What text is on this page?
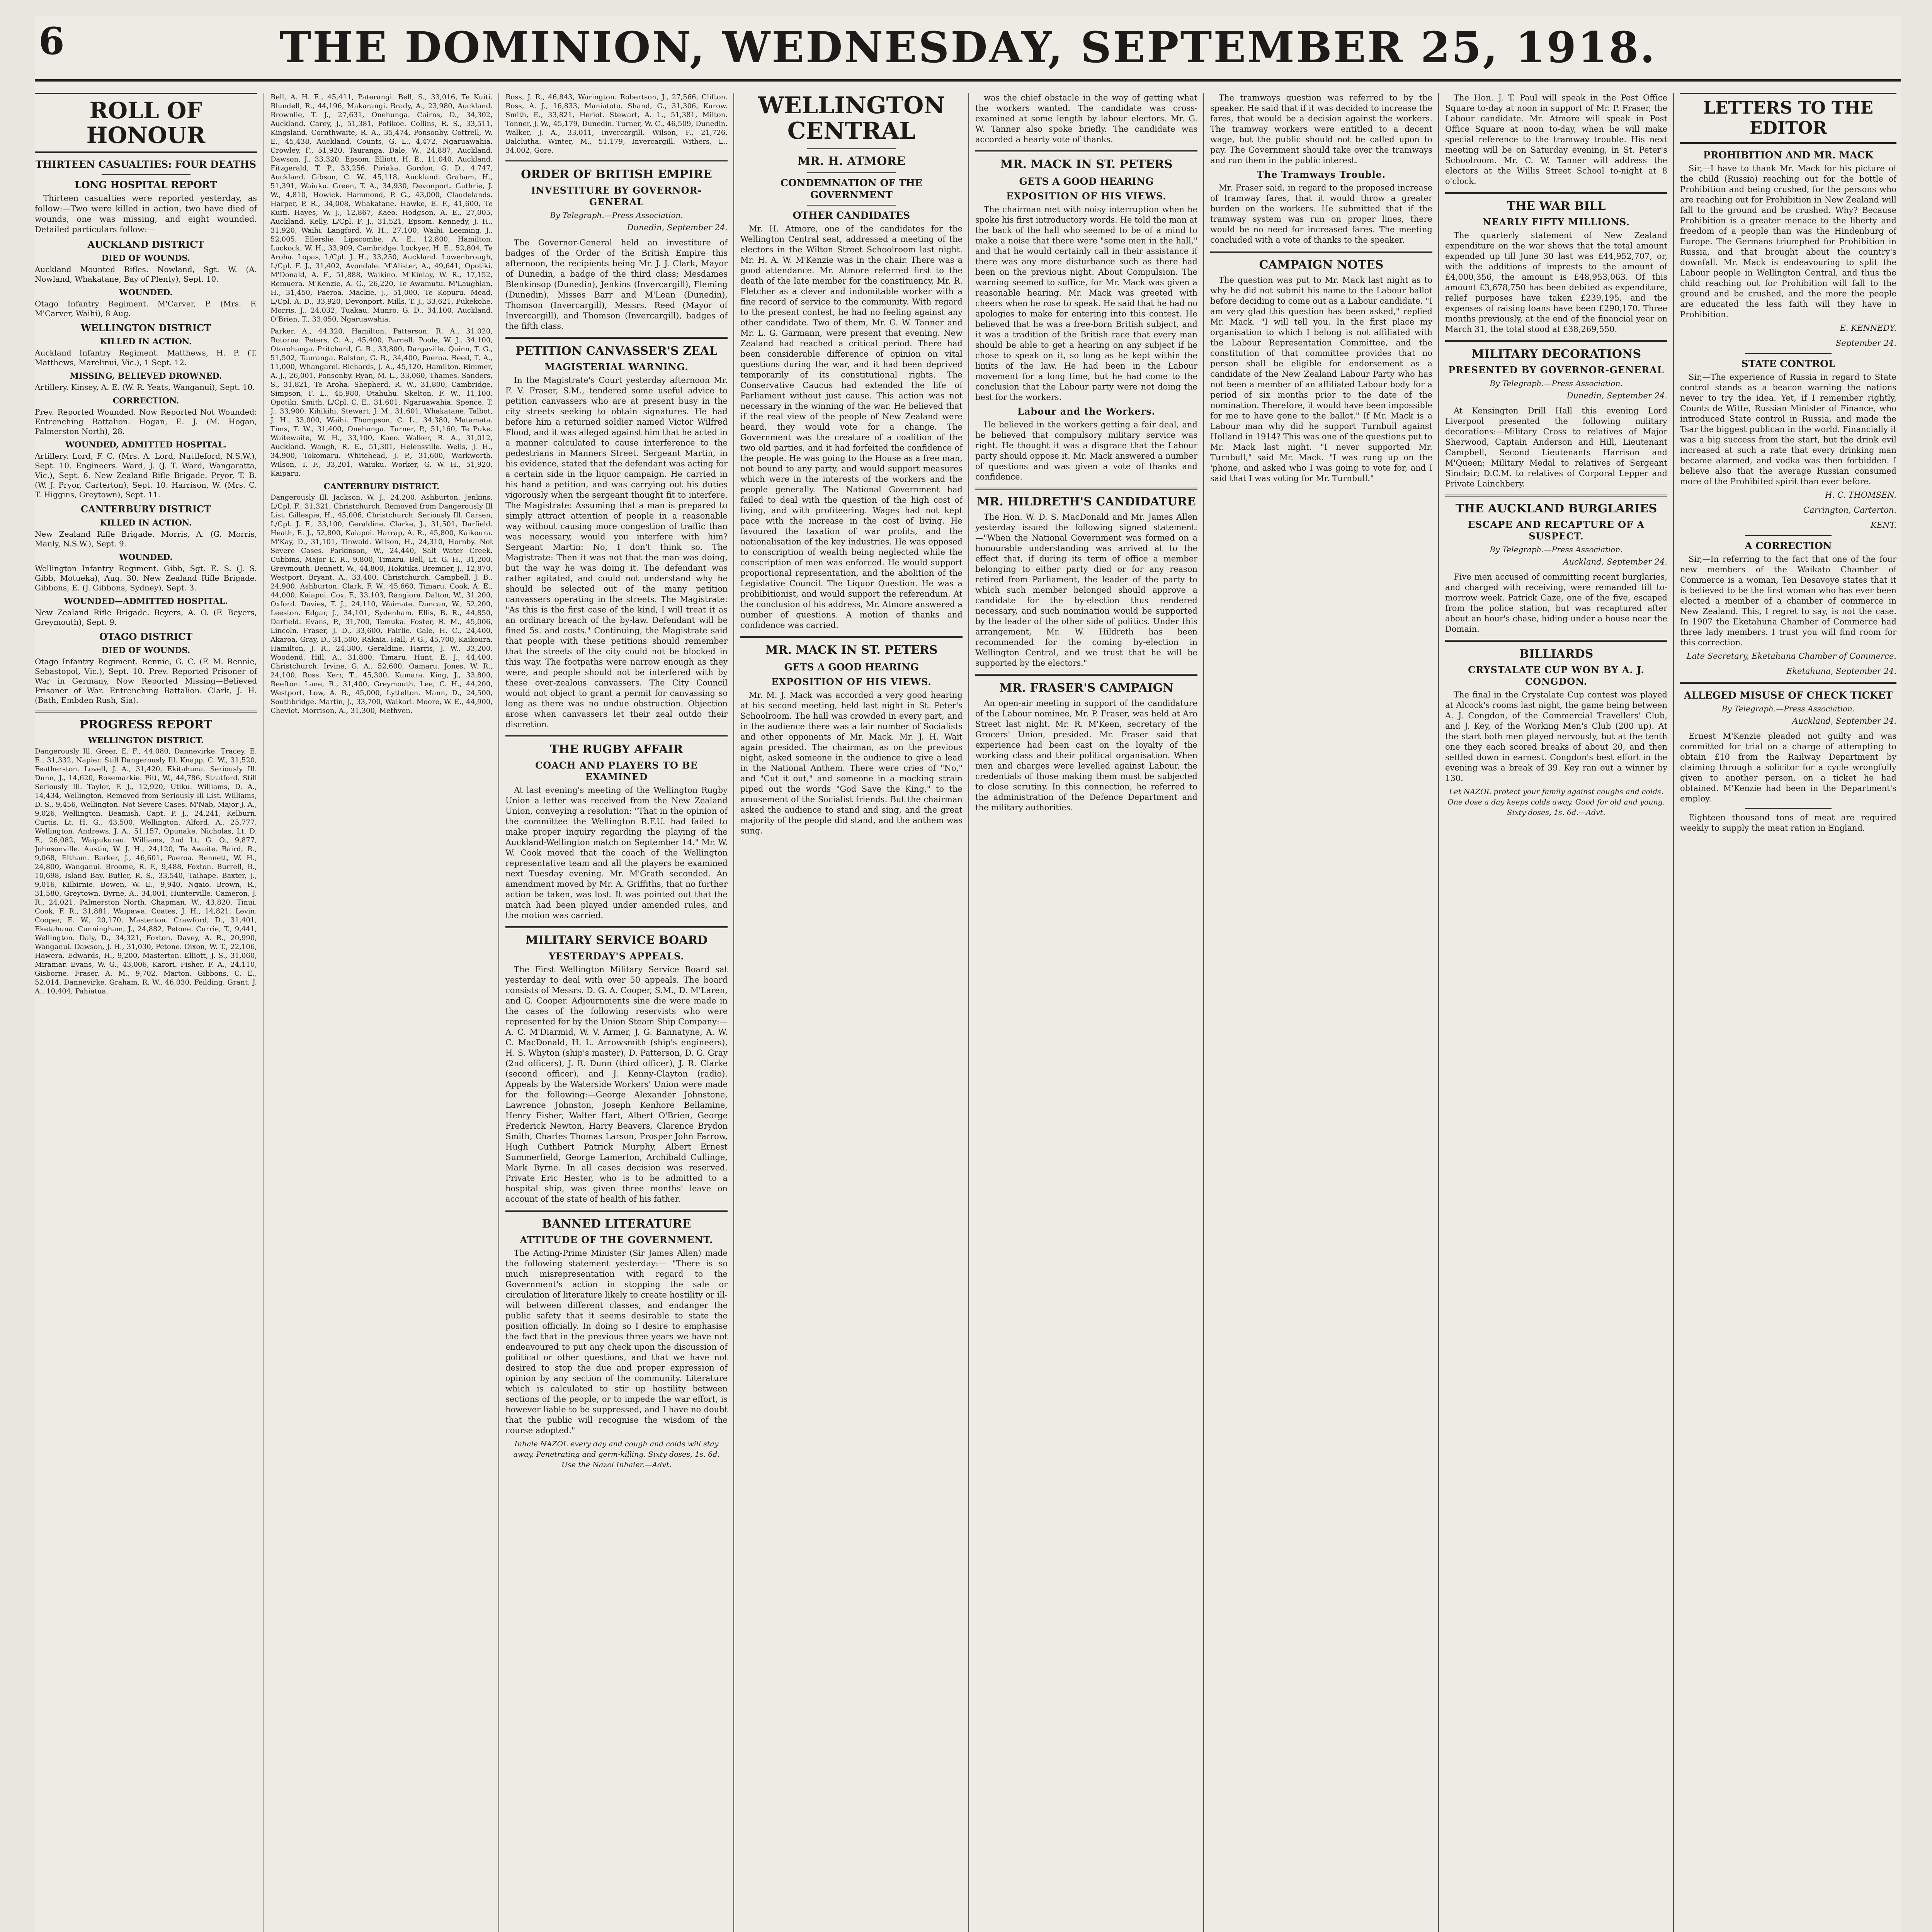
6	THE DOMINION, WEDNESDAY, SEPTEMBER 25, 1918.
ROLL OF HONOUR
THIRTEEN CASUALTIES: FOUR DEATHS
LONG HOSPITAL REPORT

Thirteen casualties were reported yesterday, as follow:—Two were killed in action, two have died of wounds, one was missing, and eight wounded. Detailed particulars follow:—

AUCKLAND DISTRICT
DIED OF WOUNDS.

Auckland Mounted Rifles. Nowland, Sgt. W. (A. Nowland, Whakatane, Bay of Plenty), Sept. 10.

WOUNDED.

Otago Infantry Regiment. M'Carver, P. (Mrs. F. M'Carver, Waihi), 8 Aug.

WELLINGTON DISTRICT
KILLED IN ACTION.

Auckland Infantry Regiment. Matthews, H. P. (T. Matthews, Marelinui, Vic.), 1 Sept. 12.

MISSING, BELIEVED DROWNED.

Artillery. Kinsey, A. E. (W. R. Yeats, Wanganui), Sept. 10.

CORRECTION.

Prev. Reported Wounded. Now Reported Not Wounded: Entrenching Battalion. Hogan, E. J. (M. Hogan, Palmerston North), 28.

WOUNDED, ADMITTED HOSPITAL.

Artillery. Lord, F. C. (Mrs. A. Lord, Nuttleford, N.S.W.), Sept. 10. Engineers. Ward, J. (J. T. Ward, Wangaratta, Vic.), Sept. 6. New Zealand Rifle Brigade. Pryor, T. B. (W. J. Pryor, Carterton), Sept. 10. Harrison, W. (Mrs. C. T. Higgins, Greytown), Sept. 11.

CANTERBURY DISTRICT
KILLED IN ACTION.

New Zealand Rifle Brigade. Morris, A. (G. Morris, Manly, N.S.W.), Sept. 9.

WOUNDED.

Wellington Infantry Regiment. Gibb, Sgt. E. S. (J. S. Gibb, Motueka), Aug. 30. New Zealand Rifle Brigade. Gibbons, E. (J. Gibbons, Sydney), Sept. 3.

WOUNDED—ADMITTED HOSPITAL.

New Zealand Rifle Brigade. Beyers, A. O. (F. Beyers, Greymouth), Sept. 9.

OTAGO DISTRICT
DIED OF WOUNDS.

Otago Infantry Regiment. Rennie, G. C. (F. M. Rennie, Sebastopol, Vic.), Sept. 10. Prev. Reported Prisoner of War in Germany, Now Reported Missing—Believed Prisoner of War. Entrenching Battalion. Clark, J. H. (Bath, Embden Rush, Sia).

PROGRESS REPORT
WELLINGTON DISTRICT.

Dangerously Ill. Greer, E. F., 44,080, Dannevirke. Tracey, E. E., 31,332, Napier. Still Dangerously Ill. Knapp, C. W., 31,520, Featherston. Lovell, J. A., 31,420, Ekitahuna. Seriously Ill. Dunn, J., 14,620, Rosemarkie. Pitt, W., 44,786, Stratford. Still Seriously Ill. Taylor, F. J., 12,920, Utiku. Williams, D. A., 14,434, Wellington. Removed from Seriously Ill List. Williams, D. S., 9,456, Wellington. Not Severe Cases. M'Nab, Major J. A., 9,026, Wellington. Beamish, Capt. P. J., 24,241, Kelburn. Curtis, Lt. H. G., 43,500, Wellington. Alford, A., 25,777, Wellington. Andrews, J. A., 51,157, Opunake. Nicholas, Lt. D. F., 26,082, Waipukurau. Williams, 2nd Lt. G. O., 9,877, Johnsonville. Austin, W. J. H., 24,120, Te Awaite. Baird, R., 9,068, Eltham. Barker, J., 46,601, Paeroa. Bennett, W. H., 24,800, Wanganui. Broome, R. F., 9,488, Foxton. Burrell, B., 10,698, Island Bay. Butler, R. S., 33,540, Taihape. Baxter, J., 9,016, Kilbirnie. Bowen, W. E., 9,940, Ngaio. Brown, R., 31,580, Greytown. Byrne, A., 34,001, Hunterville. Cameron, J. R., 24,021, Palmerston North. Chapman, W., 43,820, Tinui. Cook, F. R., 31,881, Waipawa. Coates, J. H., 14,821, Levin. Cooper, E. W., 20,170, Masterton. Crawford, D., 31,401, Eketahuna. Cunningham, J., 24,882, Petone. Currie, T., 9,441, Wellington. Daly, D., 34,321, Foxton. Davey, A. R., 20,990, Wanganui. Dawson, J. H., 31,030, Petone. Dixon, W. T., 22,106, Hawera. Edwards, H., 9,200, Masterton. Elliott, J. S., 31,060, Miramar. Evans, W. G., 43,006, Karori. Fisher, F. A., 24,110, Gisborne. Fraser, A. M., 9,702, Marton. Gibbons, C. E., 52,014, Dannevirke. Graham, R. W., 46,030, Feilding. Grant, J. A., 10,404, Pahiatua.

Bell, A. H. E., 45,411, Paterangi. Bell, S., 33,016, Te Kuiti. Blundell, R., 44,196, Makarangi. Brady, A., 23,980, Auckland. Brownlie, T. J., 27,631, Onehunga. Cairns, D., 34,302, Auckland. Carey, J., 51,381, Potikoe. Collins, R. S., 33,511, Kingsland. Cornthwaite, R. A., 35,474, Ponsonby. Cottrell, W. E., 45,438, Auckland. Counts, G. L., 4,472, Ngaruawahia. Crowley, F., 51,920, Tauranga. Dale, W., 24,887, Auckland. Dawson, J., 33,320, Epsom. Elliott, H. E., 11,040, Auckland. Fitzgerald, T. P., 33,256, Piriaka. Gordon, G. D., 4,747, Auckland. Gibson, C. W., 45,118, Auckland. Graham, H., 51,391, Waiuku. Green, T. A., 34,930, Devonport. Guthrie, J. W., 4,810, Howick. Hammond, P. G., 43,000, Claudelands. Harper, P. R., 34,008, Whakatane. Hawke, E. F., 41,600, Te Kuiti. Hayes, W. J., 12,867, Kaeo. Hodgson, A. E., 27,005, Auckland. Kelly, L/Cpl. F. J., 31,521, Epsom. Kennedy, J. H., 31,920, Waihi. Langford, W. H., 27,100, Waihi. Leeming, J., 52,005, Ellerslie. Lipscombe, A. E., 12,800, Hamilton. Luckock, W. H., 33,909, Cambridge. Lockyer, H. E., 52,804, Te Aroha. Lopas, L/Cpl. J. H., 33,250, Auckland. Lowenbrough, L/Cpl. F. J., 31,402, Avondale. M'Alister, A., 49,641, Opotiki. M'Donald, A. F., 51,888, Waikino. M'Kinlay, W. R., 17,152, Remuera. M'Kenzie, A. G., 26,220, Te Awamutu. M'Laughlan, H., 31,450, Paeroa. Mackie, J., 51,000, Te Kopuru. Mead, L/Cpl. A. D., 33,920, Devonport. Mills, T. J., 33,621, Pukekohe. Morris, J., 24,032, Tuakau. Munro, G. D., 34,100, Auckland. O'Brien, T., 33,050, Ngaruawahia.

Parker, A., 44,320, Hamilton. Patterson, R. A., 31,020, Rotorua. Peters, C. A., 45,400, Parnell. Poole, W. J., 34,100, Otorohanga. Pritchard, G. R., 33,800, Dargaville. Quinn, T. G., 51,502, Tauranga. Ralston, G. B., 34,400, Paeroa. Reed, T. A., 11,000, Whangarei. Richards, J. A., 45,120, Hamilton. Rimmer, A. J., 26,001, Ponsonby. Ryan, M. L., 33,060, Thames. Sanders, S., 31,821, Te Aroha. Shepherd, R. W., 31,800, Cambridge. Simpson, F. L., 45,980, Otahuhu. Skelton, F. W., 11,100, Opotiki. Smith, L/Cpl. C. E., 31,601, Ngaruawahia. Spence, T. J., 33,900, Kihikihi. Stewart, J. M., 31,601, Whakatane. Talbot, J. H., 33,000, Waihi. Thompson, C. L., 34,380, Matamata. Tims, T. W., 31,400, Onehunga. Turner, P., 51,160, Te Puke. Waitewaite, W. H., 33,100, Kaeo. Walker, R. A., 31,012, Auckland. Waugh, R. E., 51,301, Helensville. Wells, J. H., 34,900, Tokomaru. Whitehead, J. P., 31,600, Warkworth. Wilson, T. F., 33,201, Waiuku. Worker, G. W. H., 51,920, Kaiparu.

CANTERBURY DISTRICT.

Dangerously Ill. Jackson, W. J., 24,200, Ashburton. Jenkins, L/Cpl. F., 31,321, Christchurch. Removed from Dangerously Ill List. Gillespie, H., 45,006, Christchurch. Seriously Ill. Carsen, L/Cpl. J. F., 33,100, Geraldine. Clarke, J., 31,501, Darfield. Heath, E. J., 52,800, Kaiapoi. Harrap, A. R., 45,800, Kaikoura. M'Kay, D., 31,101, Tinwald. Wilson, H., 24,310, Hornby. Not Severe Cases. Parkinson, W., 24,440, Salt Water Creek. Cubbins, Major E. R., 9,800, Timaru. Bell, Lt. G. H., 31,200, Greymouth. Bennett, W., 44,800, Hokitika. Bremner, J., 12,870, Westport. Bryant, A., 33,400, Christchurch. Campbell, J. B., 24,900, Ashburton. Clark, F. W., 45,660, Timaru. Cook, A. E., 44,000, Kaiapoi. Cox, F., 33,103, Rangiora. Dalton, W., 31,200, Oxford. Davies, T. J., 24,110, Waimate. Duncan, W., 52,200, Leeston. Edgar, J., 34,101, Sydenham. Ellis, B. R., 44,850, Darfield. Evans, P., 31,700, Temuka. Foster, R. M., 45,006, Lincoln. Fraser, J. D., 33,600, Fairlie. Gale, H. C., 24,400, Akaroa. Gray, D., 31,500, Rakaia. Hall, P. G., 45,700, Kaikoura. Hamilton, J. R., 24,300, Geraldine. Harris, J. W., 33,200, Woodend. Hill, A., 31,800, Timaru. Hunt, E. J., 44,400, Christchurch. Irvine, G. A., 52,600, Oamaru. Jones, W. R., 24,100, Ross. Kerr, T., 45,300, Kumara. King, J., 33,800, Reefton. Lane, R., 31,400, Greymouth. Lee, C. H., 44,200, Westport. Low, A. B., 45,000, Lyttelton. Mann, D., 24,500, Southbridge. Martin, J., 33,700, Waikari. Moore, W. E., 44,900, Cheviot. Morrison, A., 31,300, Methven.

Ross, J. R., 46,843, Warington. Robertson, J., 27,566, Clifton. Ross, A. J., 16,833, Maniatoto. Shand, G., 31,306, Kurow. Smith, E., 33,821, Heriot. Stewart, A. L., 51,381, Milton. Tonner, J. W., 45,179, Dunedin. Turner, W. C., 46,509, Dunedin. Walker, J. A., 33,011, Invercargill. Wilson, F., 21,726, Balclutha. Winter, M., 51,179, Invercargill. Withers, L., 34,002, Gore.

ORDER OF BRITISH EMPIRE
INVESTITURE BY GOVERNOR-GENERAL
By Telegraph.—Press Association.
Dunedin, September 24.

The Governor-General held an investiture of badges of the Order of the British Empire this afternoon, the recipients being Mr. J. J. Clark, Mayor of Dunedin, a badge of the third class; Mesdames Blenkinsop (Dunedin), Jenkins (Invercargill), Fleming (Dunedin), Misses Barr and M'Lean (Dunedin), Thomson (Invercargill), Messrs. Reed (Mayor of Invercargill), and Thomson (Invercargill), badges of the fifth class.

PETITION CANVASSER'S ZEAL
MAGISTERIAL WARNING.

In the Magistrate's Court yesterday afternoon Mr. F. V. Fraser, S.M., tendered some useful advice to petition canvassers who are at present busy in the city streets seeking to obtain signatures. He had before him a returned soldier named Victor Wilfred Flood, and it was alleged against him that he acted in a manner calculated to cause interference to the pedestrians in Manners Street. Sergeant Martin, in his evidence, stated that the defendant was acting for a certain side in the liquor campaign. He carried in his hand a petition, and was carrying out his duties vigorously when the sergeant thought fit to interfere. The Magistrate: Assuming that a man is prepared to simply attract attention of people in a reasonable way without causing more congestion of traffic than was necessary, would you interfere with him? Sergeant Martin: No, I don't think so. The Magistrate: Then it was not that the man was doing, but the way he was doing it. The defendant was rather agitated, and could not understand why he should be selected out of the many petition canvassers operating in the streets. The Magistrate: "As this is the first case of the kind, I will treat it as an ordinary breach of the by-law. Defendant will be fined 5s. and costs." Continuing, the Magistrate said that people with these petitions should remember that the streets of the city could not be blocked in this way. The footpaths were narrow enough as they were, and people should not be interfered with by these over-zealous canvassers. The City Council would not object to grant a permit for canvassing so long as there was no undue obstruction. Objection arose when canvassers let their zeal outdo their discretion.

THE RUGBY AFFAIR
COACH AND PLAYERS TO BE EXAMINED

At last evening's meeting of the Wellington Rugby Union a letter was received from the New Zealand Union, conveying a resolution: "That in the opinion of the committee the Wellington R.F.U. had failed to make proper inquiry regarding the playing of the Auckland-Wellington match on September 14." Mr. W. W. Cook moved that the coach of the Wellington representative team and all the players be examined next Tuesday evening. Mr. M'Grath seconded. An amendment moved by Mr. A. Griffiths, that no further action be taken, was lost. It was pointed out that the match had been played under amended rules, and the motion was carried.

MILITARY SERVICE BOARD
YESTERDAY'S APPEALS.

The First Wellington Military Service Board sat yesterday to deal with over 50 appeals. The board consists of Messrs. D. G. A. Cooper, S.M., D. M'Laren, and G. Cooper. Adjournments sine die were made in the cases of the following reservists who were represented for by the Union Steam Ship Company:—A. C. M'Diarmid, W. V. Armer, J. G. Bannatyne, A. W. C. MacDonald, H. L. Arrowsmith (ship's engineers), H. S. Whyton (ship's master), D. Patterson, D. G. Gray (2nd officers), J. R. Dunn (third officer), J. R. Clarke (second officer), and J. Kenny-Clayton (radio). Appeals by the Waterside Workers' Union were made for the following:—George Alexander Johnstone, Lawrence Johnston, Joseph Kenhore Bellamine, Henry Fisher, Walter Hart, Albert O'Brien, George Frederick Newton, Harry Beavers, Clarence Brydon Smith, Charles Thomas Larson, Prosper John Farrow, Hugh Cuthbert Patrick Murphy, Albert Ernest Summerfield, George Lamerton, Archibald Cullinge, Mark Byrne. In all cases decision was reserved. Private Eric Hester, who is to be admitted to a hospital ship, was given three months' leave on account of the state of health of his father.

BANNED LITERATURE
ATTITUDE OF THE GOVERNMENT.

The Acting-Prime Minister (Sir James Allen) made the following statement yesterday:— "There is so much misrepresentation with regard to the Government's action in stopping the sale or circulation of literature likely to create hostility or ill-will between different classes, and endanger the public safety that it seems desirable to state the position officially. In doing so I desire to emphasise the fact that in the previous three years we have not endeavoured to put any check upon the discussion of political or other questions, and that we have not desired to stop the due and proper expression of opinion by any section of the community. Literature which is calculated to stir up hostility between sections of the people, or to impede the war effort, is however liable to be suppressed, and I have no doubt that the public will recognise the wisdom of the course adopted."

Inhale NAZOL every day and cough and colds will stay away. Penetrating and germ-killing. Sixty doses, 1s. 6d. Use the Nazol Inhaler.—Advt.
WELLINGTON CENTRAL
MR. H. ATMORE
CONDEMNATION OF THE GOVERNMENT
OTHER CANDIDATES

Mr. H. Atmore, one of the candidates for the Wellington Central seat, addressed a meeting of the electors in the Wilton Street Schoolroom last night. Mr. H. A. W. M'Kenzie was in the chair. There was a good attendance. Mr. Atmore referred first to the death of the late member for the constituency, Mr. R. Fletcher as a clever and indomitable worker with a fine record of service to the community. With regard to the present contest, he had no feeling against any other candidate. Two of them, Mr. G. W. Tanner and Mr. L. G. Garmann, were present that evening. New Zealand had reached a critical period. There had been considerable difference of opinion on vital questions during the war, and it had been deprived temporarily of its constitutional rights. The Conservative Caucus had extended the life of Parliament without just cause. This action was not necessary in the winning of the war. He believed that if the real view of the people of New Zealand were heard, they would vote for a change. The Government was the creature of a coalition of the two old parties, and it had forfeited the confidence of the people. He was going to the House as a free man, not bound to any party, and would support measures which were in the interests of the workers and the people generally. The National Government had failed to deal with the question of the high cost of living, and with profiteering. Wages had not kept pace with the increase in the cost of living. He favoured the taxation of war profits, and the nationalisation of the key industries. He was opposed to conscription of wealth being neglected while the conscription of men was enforced. He would support proportional representation, and the abolition of the Legislative Council. The Liquor Question. He was a prohibitionist, and would support the referendum. At the conclusion of his address, Mr. Atmore answered a number of questions. A motion of thanks and confidence was carried.

MR. MACK IN ST. PETERS
GETS A GOOD HEARING
EXPOSITION OF HIS VIEWS.

Mr. M. J. Mack was accorded a very good hearing at his second meeting, held last night in St. Peter's Schoolroom. The hall was crowded in every part, and in the audience there was a fair number of Socialists and other opponents of Mr. Mack. Mr. J. H. Wait again presided. The chairman, as on the previous night, asked someone in the audience to give a lead in the National Anthem. There were cries of "No," and "Cut it out," and someone in a mocking strain piped out the words "God Save the King," to the amusement of the Socialist friends. But the chairman asked the audience to stand and sing, and the great majority of the people did stand, and the anthem was sung.

was the chief obstacle in the way of getting what the workers wanted. The candidate was cross-examined at some length by labour electors. Mr. G. W. Tanner also spoke briefly. The candidate was accorded a hearty vote of thanks.

MR. MACK IN ST. PETERS
GETS A GOOD HEARING
EXPOSITION OF HIS VIEWS.

The chairman met with noisy interruption when he spoke his first introductory words. He told the man at the back of the hall who seemed to be of a mind to make a noise that there were "some men in the hall," and that he would certainly call in their assistance if there was any more disturbance such as there had been on the previous night. About Compulsion. The warning seemed to suffice, for Mr. Mack was given a reasonable hearing. Mr. Mack was greeted with cheers when he rose to speak. He said that he had no apologies to make for entering into this contest. He believed that he was a free-born British subject, and it was a tradition of the British race that every man should be able to get a hearing on any subject if he chose to speak on it, so long as he kept within the limits of the law. He had been in the Labour movement for a long time, but he had come to the conclusion that the Labour party were not doing the best for the workers.

Labour and the Workers.

He believed in the workers getting a fair deal, and he believed that compulsory military service was right. He thought it was a disgrace that the Labour party should oppose it. Mr. Mack answered a number of questions and was given a vote of thanks and confidence.

MR. HILDRETH'S CANDIDATURE

The Hon. W. D. S. MacDonald and Mr. James Allen yesterday issued the following signed statement:—"When the National Government was formed on a honourable understanding was arrived at to the effect that, if during its term of office a member belonging to either party died or for any reason retired from Parliament, the leader of the party to which such member belonged should approve a candidate for the by-election thus rendered necessary, and such nomination would be supported by the leader of the other side of politics. Under this arrangement, Mr. W. Hildreth has been recommended for the coming by-election in Wellington Central, and we trust that he will be supported by the electors."

MR. FRASER'S CAMPAIGN

An open-air meeting in support of the candidature of the Labour nominee, Mr. P. Fraser, was held at Aro Street last night. Mr. R. M'Keen, secretary of the Grocers' Union, presided. Mr. Fraser said that experience had been cast on the loyalty of the working class and their political organisation. When men and charges were levelled against Labour, the credentials of those making them must be subjected to close scrutiny. In this connection, he referred to the administration of the Defence Department and the military authorities.

The tramways question was referred to by the speaker. He said that if it was decided to increase the fares, that would be a decision against the workers. The tramway workers were entitled to a decent wage, but the public should not be called upon to pay. The Government should take over the tramways and run them in the public interest.

The Tramways Trouble.

Mr. Fraser said, in regard to the proposed increase of tramway fares, that it would throw a greater burden on the workers. He submitted that if the tramway system was run on proper lines, there would be no need for increased fares. The meeting concluded with a vote of thanks to the speaker.

CAMPAIGN NOTES

The question was put to Mr. Mack last night as to why he did not submit his name to the Labour ballot before deciding to come out as a Labour candidate. "I am very glad this question has been asked," replied Mr. Mack. "I will tell you. In the first place my organisation to which I belong is not affiliated with the Labour Representation Committee, and the constitution of that committee provides that no person shall be eligible for endorsement as a candidate of the New Zealand Labour Party who has not been a member of an affiliated Labour body for a period of six months prior to the date of the nomination. Therefore, it would have been impossible for me to have gone to the ballot." If Mr. Mack is a Labour man why did he support Turnbull against Holland in 1914? This was one of the questions put to Mr. Mack last night. "I never supported Mr. Turnbull," said Mr. Mack. "I was rung up on the 'phone, and asked who I was going to vote for, and I said that I was voting for Mr. Turnbull."

The Hon. J. T. Paul will speak in the Post Office Square to-day at noon in support of Mr. P. Fraser, the Labour candidate. Mr. Atmore will speak in Post Office Square at noon to-day, when he will make special reference to the tramway trouble. His next meeting will be on Saturday evening, in St. Peter's Schoolroom. Mr. C. W. Tanner will address the electors at the Willis Street School to-night at 8 o'clock.

THE WAR BILL
NEARLY FIFTY MILLIONS.

The quarterly statement of New Zealand expenditure on the war shows that the total amount expended up till June 30 last was £44,952,707, or, with the additions of imprests to the amount of £4,000,356, the amount is £48,953,063. Of this amount £3,678,750 has been debited as expenditure, relief purposes have taken £239,195, and the expenses of raising loans have been £290,170. Three months previously, at the end of the financial year on March 31, the total stood at £38,269,550.

MILITARY DECORATIONS
PRESENTED BY GOVERNOR-GENERAL
By Telegraph.—Press Association.
Dunedin, September 24.

At Kensington Drill Hall this evening Lord Liverpool presented the following military decorations:—Military Cross to relatives of Major Sherwood, Captain Anderson and Hill, Lieutenant Campbell, Second Lieutenants Harrison and M'Queen; Military Medal to relatives of Sergeant Sinclair; D.C.M. to relatives of Corporal Lepper and Private Lainchbery.

THE AUCKLAND BURGLARIES
ESCAPE AND RECAPTURE OF A SUSPECT.
By Telegraph.—Press Association.
Auckland, September 24.

Five men accused of committing recent burglaries, and charged with receiving, were remanded till to-morrow week. Patrick Gaze, one of the five, escaped from the police station, but was recaptured after about an hour's chase, hiding under a house near the Domain.

BILLIARDS
CRYSTALATE CUP WON BY A. J. CONGDON.

The final in the Crystalate Cup contest was played at Alcock's rooms last night, the game being between A. J. Congdon, of the Commercial Travellers' Club, and J. Key, of the Working Men's Club (200 up). At the start both men played nervously, but at the tenth one they each scored breaks of about 20, and then settled down in earnest. Congdon's best effort in the evening was a break of 39. Key ran out a winner by 130.

Let NAZOL protect your family against coughs and colds. One dose a day keeps colds away. Good for old and young. Sixty doses, 1s. 6d.—Advt.
LETTERS TO THE EDITOR
PROHIBITION AND MR. MACK

Sir,—I have to thank Mr. Mack for his picture of the child (Russia) reaching out for the bottle of Prohibition and being crushed, for the persons who are reaching out for Prohibition in New Zealand will fall to the ground and be crushed. Why? Because Prohibition is a greater menace to the liberty and freedom of a people than was the Hindenburg of Europe. The Germans triumphed for Prohibition in Russia, and that brought about the country's downfall. Mr. Mack is endeavouring to split the Labour people in Wellington Central, and thus the child reaching out for Prohibition will fall to the ground and be crushed, and the more the people are educated the less faith will they have in Prohibition.

E. KENNEDY.
September 24.
STATE CONTROL

Sir,—The experience of Russia in regard to State control stands as a beacon warning the nations never to try the idea. Yet, if I remember rightly, Counts de Witte, Russian Minister of Finance, who introduced State control in Russia, and made the Tsar the biggest publican in the world. Financially it was a big success from the start, but the drink evil increased at such a rate that every drinking man became alarmed, and vodka was then forbidden. I believe also that the average Russian consumed more of the Prohibited spirit than ever before.

H. C. THOMSEN.
Carrington, Carterton.
KENT.
A CORRECTION

Sir,—In referring to the fact that one of the four new members of the Waikato Chamber of Commerce is a woman, Ten Desavoye states that it is believed to be the first woman who has ever been elected a member of a chamber of commerce in New Zealand. This, I regret to say, is not the case. In 1907 the Eketahuna Chamber of Commerce had three lady members. I trust you will find room for this correction.

Late Secretary, Eketahuna Chamber of Commerce.
Eketahuna, September 24.
ALLEGED MISUSE OF CHECK TICKET
By Telegraph.—Press Association.
Auckland, September 24.

Ernest M'Kenzie pleaded not guilty and was committed for trial on a charge of attempting to obtain £10 from the Railway Department by claiming through a solicitor for a cycle wrongfully given to another person, on a ticket he had obtained. M'Kenzie had been in the Department's employ.

Eighteen thousand tons of meat are required weekly to supply the meat ration in England.
